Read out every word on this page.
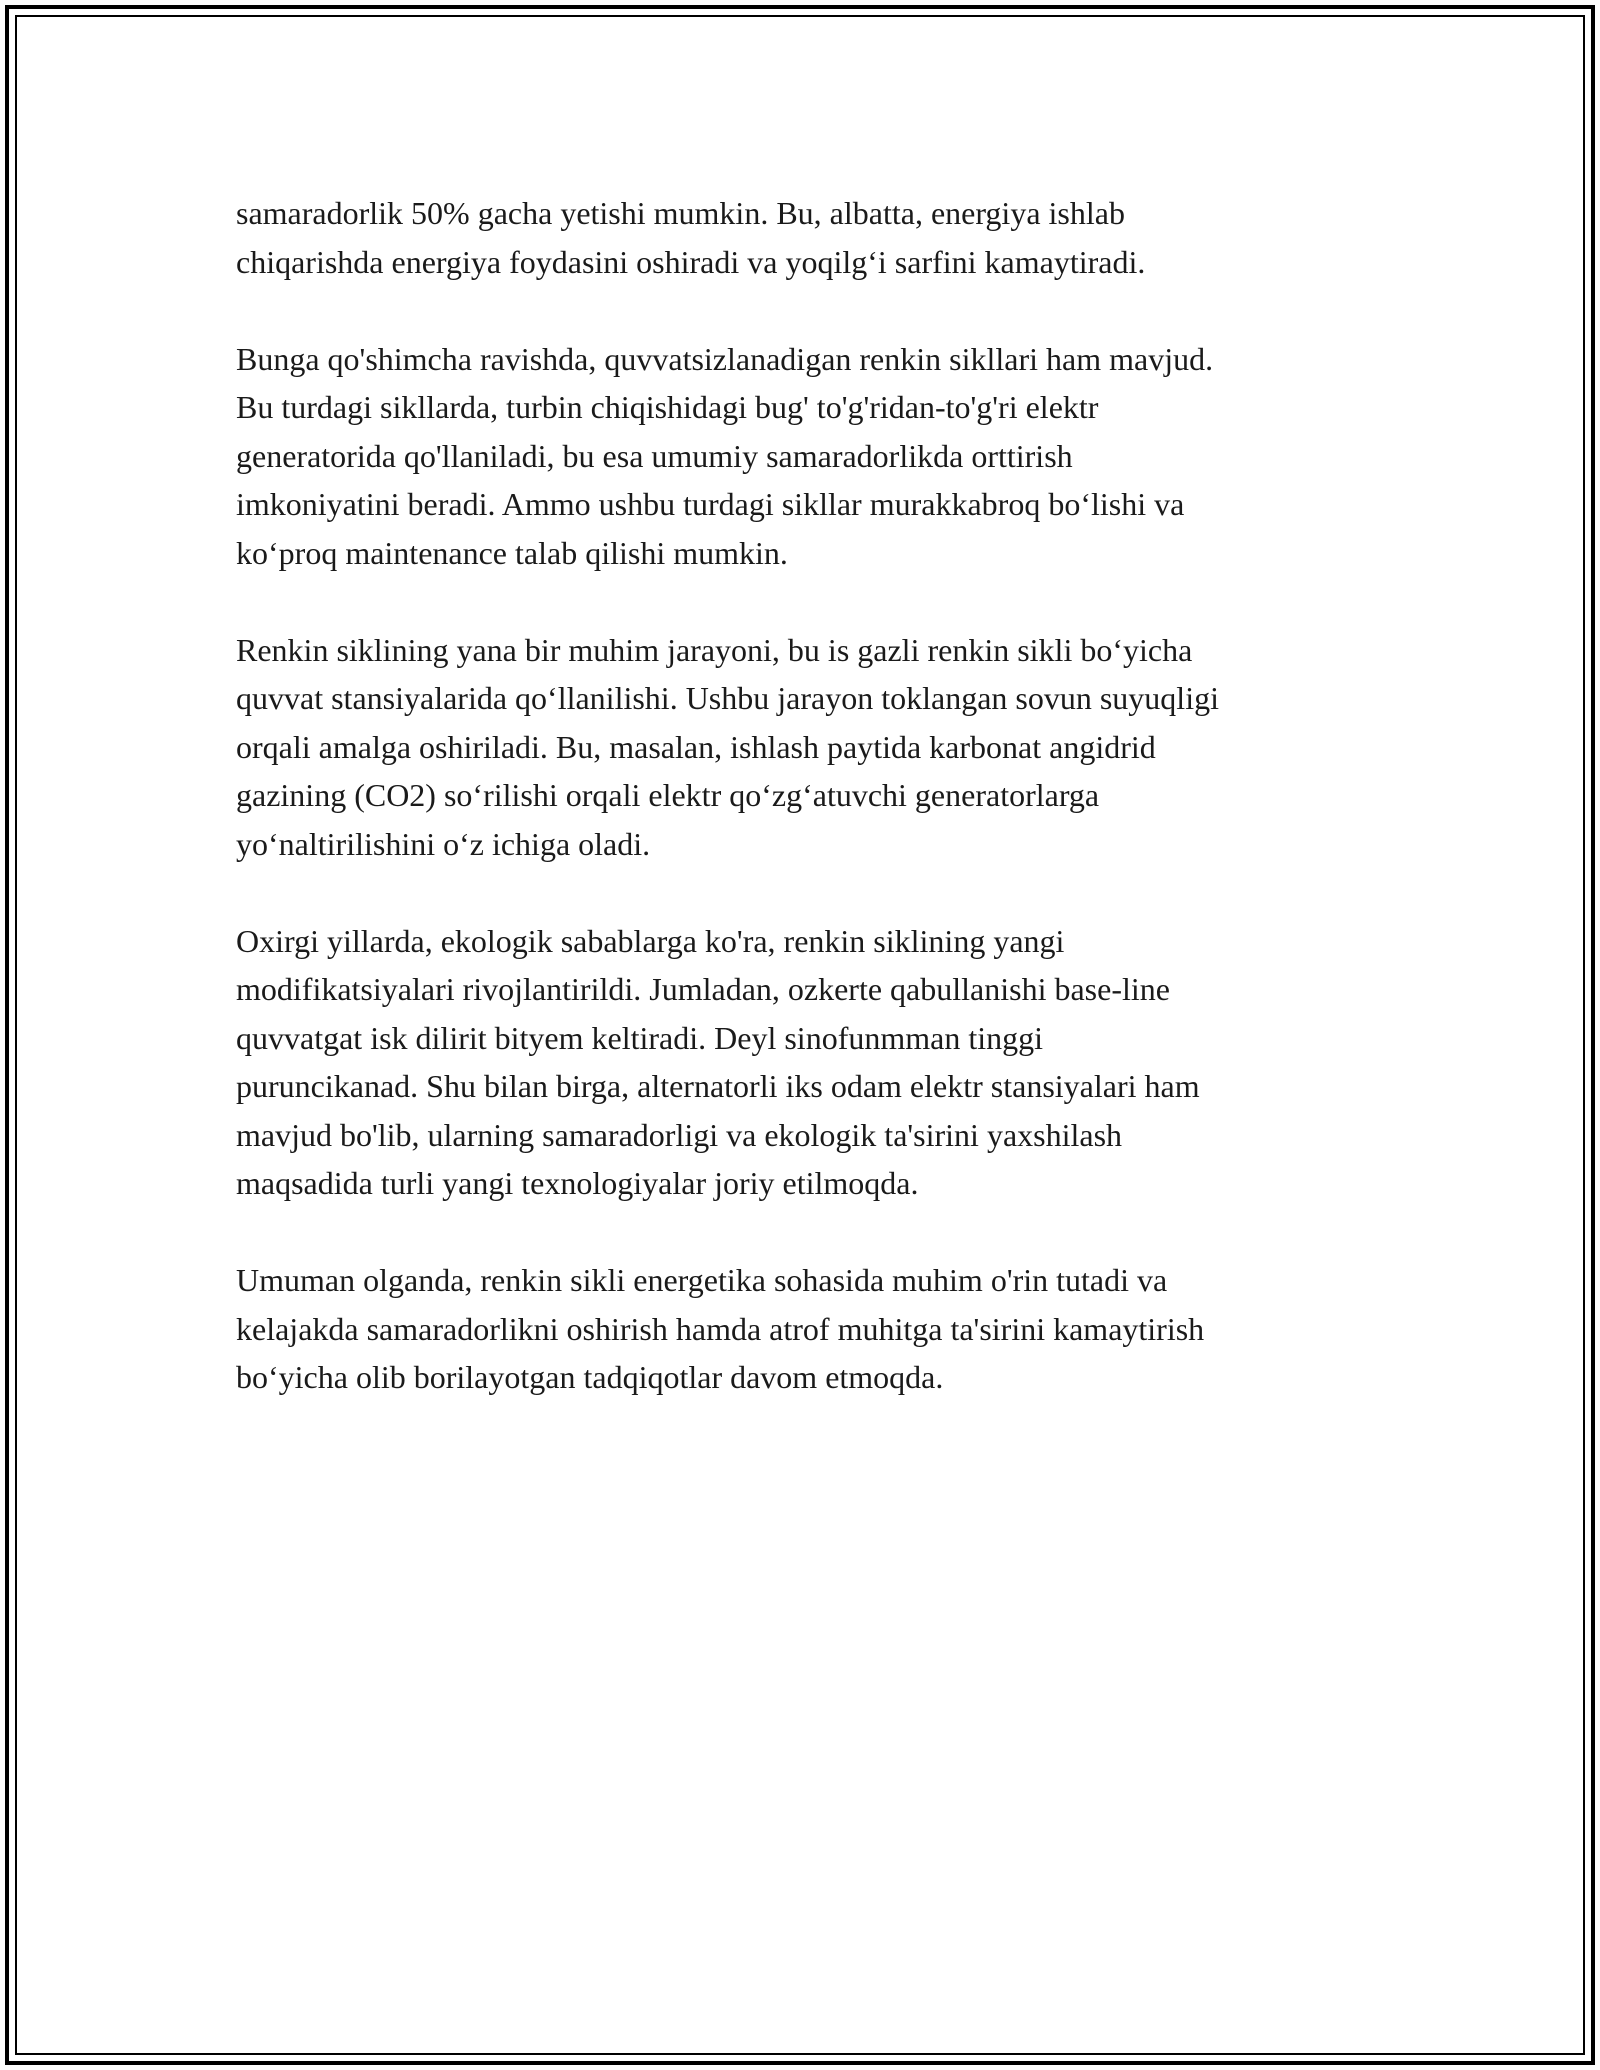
samaradorlik 50% gacha yetishi mumkin. Bu, albatta, energiya ishlab
chiqarishda energiya foydasini oshiradi va yoqilg‘i sarfini kamaytiradi.

Bunga qo'shimcha ravishda, quvvatsizlanadigan renkin sikllari ham mavjud.
Bu turdagi sikllarda, turbin chiqishidagi bug' to'g'ridan-to'g'ri elektr
generatorida qo'llaniladi, bu esa umumiy samaradorlikda orttirish
imkoniyatini beradi. Ammo ushbu turdagi sikllar murakkabroq bo‘lishi va
ko‘proq maintenance talab qilishi mumkin.

Renkin siklining yana bir muhim jarayoni, bu is gazli renkin sikli bo‘yicha
quvvat stansiyalarida qo‘llanilishi. Ushbu jarayon toklangan sovun suyuqligi
orqali amalga oshiriladi. Bu, masalan, ishlash paytida karbonat angidrid
gazining (CO2) so‘rilishi orqali elektr qo‘zg‘atuvchi generatorlarga
yo‘naltirilishini o‘z ichiga oladi.

Oxirgi yillarda, ekologik sabablarga ko'ra, renkin siklining yangi
modifikatsiyalari rivojlantirildi. Jumladan, ozkerte qabullanishi base-line
quvvatgat isk dilirit bityem keltiradi. Deyl sinofunmman tinggi
puruncikanad. Shu bilan birga, alternatorli iks odam elektr stansiyalari ham
mavjud bo'lib, ularning samaradorligi va ekologik ta'sirini yaxshilash
maqsadida turli yangi texnologiyalar joriy etilmoqda.

Umuman olganda, renkin sikli energetika sohasida muhim o'rin tutadi va
kelajakda samaradorlikni oshirish hamda atrof muhitga ta'sirini kamaytirish
bo‘yicha olib borilayotgan tadqiqotlar davom etmoqda.
